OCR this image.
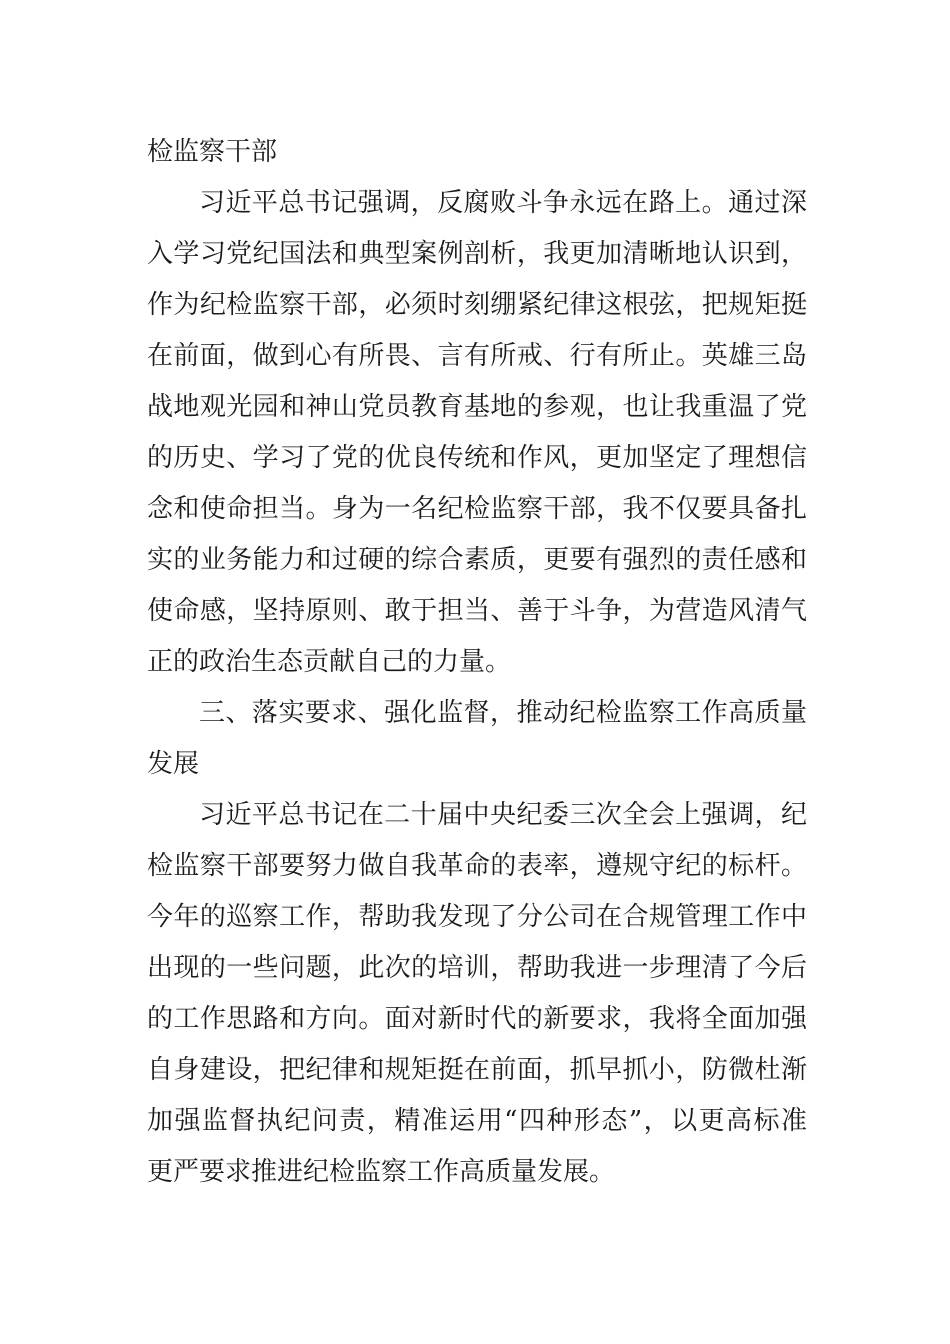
检监察干部
习近平总书记强调，反腐败斗争永远在路上。通过深
入学习党纪国法和典型案例剖析，我更加清晰地认识到，
作为纪检监察干部，必须时刻绷紧纪律这根弦，把规矩挺
在前面，做到心有所畏、言有所戒、行有所止。英雄三岛
战地观光园和神山党员教育基地的参观，也让我重温了党
的历史、学习了党的优良传统和作风，更加坚定了理想信
念和使命担当。身为一名纪检监察干部，我不仅要具备扎
实的业务能力和过硬的综合素质，更要有强烈的责任感和
使命感，坚持原则、敢于担当、善于斗争，为营造风清气
正的政治生态贡献自己的力量。
三、落实要求、强化监督，推动纪检监察工作高质量
发展
习近平总书记在二十届中央纪委三次全会上强调，纪
检监察干部要努力做自我革命的表率，遵规守纪的标杆。
今年的巡察工作，帮助我发现了分公司在合规管理工作中
出现的一些问题，此次的培训，帮助我进一步理清了今后
的工作思路和方向。面对新时代的新要求，我将全面加强
自身建设，把纪律和规矩挺在前面，抓早抓小，防微杜渐
加强监督执纪问责，精准运用“四种形态”，以更高标准
更严要求推进纪检监察工作高质量发展。
